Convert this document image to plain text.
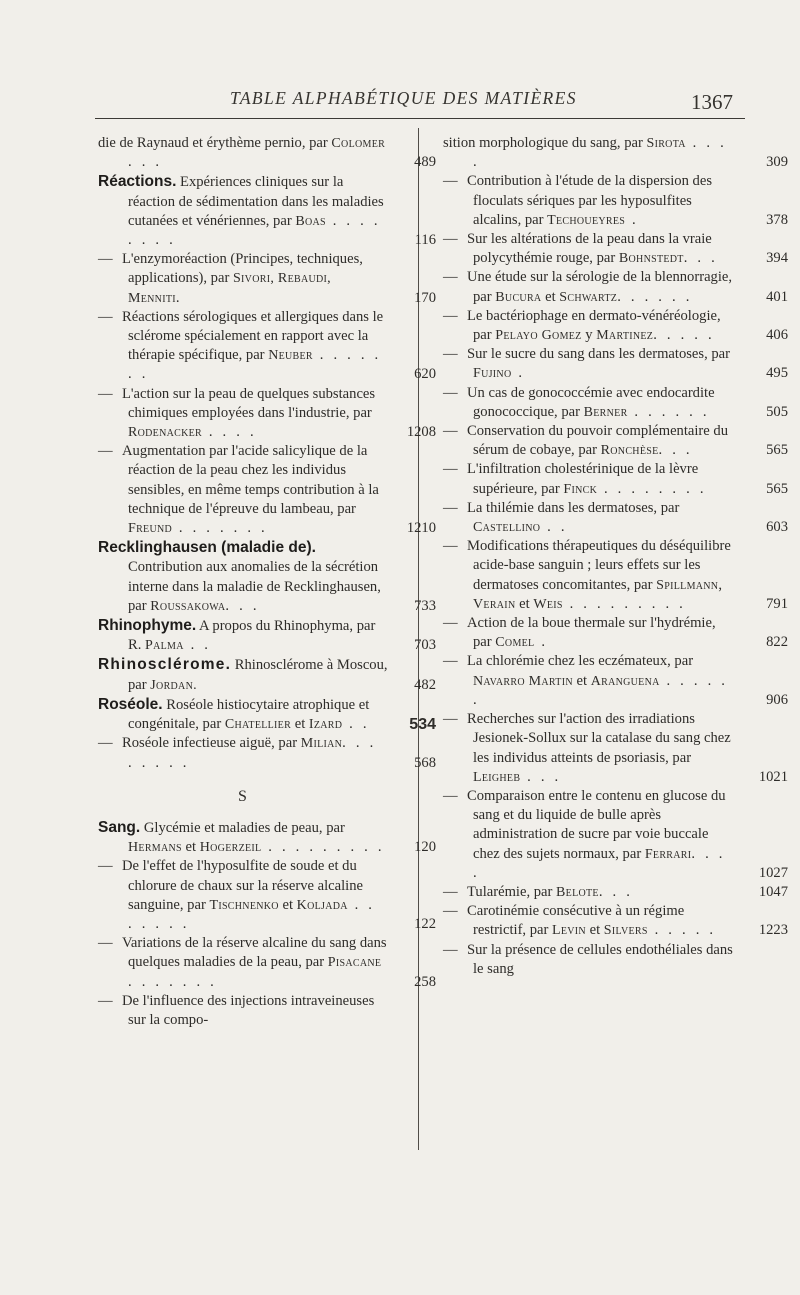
TABLE ALPHABÉTIQUE DES MATIÈRES	1367
die de Raynaud et érythème pernio, par Colomer . . .	489
Réactions. Expériences cliniques sur la réaction de sédimentation dans les maladies cutanées et vénériennes, par Boas . . . . . . . .	116
— L'enzymoréaction (Principes, techniques, applications), par Sivori, Rebaudi, Menniti.	170
— Réactions sérologiques et allergiques dans le sclérome spécialement en rapport avec la thérapie spécifique, par Neuber . . . . . . .	620
— L'action sur la peau de quelques substances chimiques employées dans l'industrie, par Rodenacker . . . .	1208
— Augmentation par l'acide salicylique de la réaction de la peau chez les individus sensibles, en même temps contribution à la technique de l'épreuve du lambeau, par Freund . . . . . . .	1210
Recklinghausen (maladie de). Contribution aux anomalies de la sécrétion interne dans la maladie de Recklinghausen, par Roussakowa. . .	733
Rhinophyme. A propos du Rhinophyma, par R. Palma . .	703
Rhinosclérome. Rhinosclérome à Moscou, par Jordan.	482
Roséole. Roséole histiocytaire atrophique et congénitale, par Chatellier et Izard . .	534
— Roséole infectieuse aiguë, par Milian. . . . . . . .	568
S
Sang. Glycémie et maladies de peau, par Hermans et Hogerzeil . . . . . . . . .	120
— De l'effet de l'hyposulfite de soude et du chlorure de chaux sur la réserve alcaline sanguine, par Tischnenko et Koljada . . . . . . .	122
— Variations de la réserve alcaline du sang dans quelques maladies de la peau, par Pisacane . . . . . . .	258
— De l'influence des injections intraveineuses sur la compo-
sition morphologique du sang, par Sirota . . . .	309
— Contribution à l'étude de la dispersion des floculats sériques par les hyposulfites alcalins, par Techoueyres .	378
— Sur les altérations de la peau dans la vraie polycythémie rouge, par Bohnstedt. . .	394
— Une étude sur la sérologie de la blennorragie, par Bucura et Schwartz. . . . . .	401
— Le bactériophage en dermato-vénéréologie, par Pelayo Gomez y Martinez. . . . .	406
— Sur le sucre du sang dans les dermatoses, par Fujino .	495
— Un cas de gonococcémie avec endocardite gonococcique, par Berner . . . . . .	505
— Conservation du pouvoir complémentaire du sérum de cobaye, par Ronchèse. . .	565
— L'infiltration cholestérinique de la lèvre supérieure, par Finck . . . . . . . .	565
— La thilémie dans les dermatoses, par Castellino . .	603
— Modifications thérapeutiques du déséquilibre acide-base sanguin ; leurs effets sur les dermatoses concomitantes, par Spillmann, Verain et Weis . . . . . . . . .	791
— Action de la boue thermale sur l'hydrémie, par Comel .	822
— La chlorémie chez les eczémateux, par Navarro Martin et Aranguena . . . . . .	906
— Recherches sur l'action des irradiations Jesionek-Sollux sur la catalase du sang chez les individus atteints de psoriasis, par Leigheb . . .	1021
— Comparaison entre le contenu en glucose du sang et du liquide de bulle après administration de sucre par voie buccale chez des sujets normaux, par Ferrari. . . .	1027
— Tularémie, par Belote. . .	1047
— Carotinémie consécutive à un régime restrictif, par Levin et Silvers . . . . .	1223
— Sur la présence de cellules endothéliales dans le sang
